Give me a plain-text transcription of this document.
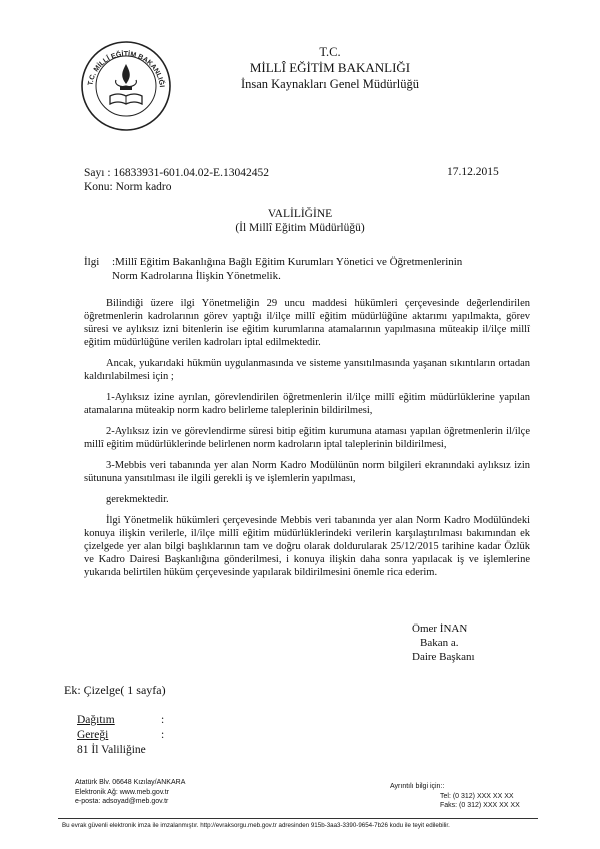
T.C. MİLLÎ EĞİTİM BAKANLIĞI
T.C.
MİLLÎ EĞİTİM BAKANLIĞI
İnsan Kaynakları Genel Müdürlüğü
Sayı : 16833931-601.04.02-E.13042452
Konu: Norm kadro
17.12.2015
VALİLİĞİNE
(İl Millî Eğitim Müdürlüğü)
İlgi :Millî Eğitim Bakanlığına Bağlı Eğitim Kurumları Yönetici ve Öğretmenlerinin
Norm Kadrolarına İlişkin Yönetmelik.

Bilindiği üzere ilgi Yönetmeliğin 29 uncu maddesi hükümleri çerçevesinde değerlendirilen öğretmenlerin kadrolarının görev yaptığı il/ilçe millî eğitim müdürlüğüne aktarımı yapılmakta, görev süresi ve aylıksız izni bitenlerin ise eğitim kurumlarına atamalarının yapılmasına müteakip il/ilçe millî eğitim müdürlüğüne verilen kadroları iptal edilmektedir.

Ancak, yukarıdaki hükmün uygulanmasında ve sisteme yansıtılmasında yaşanan sıkıntıların ortadan kaldırılabilmesi için ;

1-Aylıksız izine ayrılan, görevlendirilen öğretmenlerin il/ilçe millî eğitim müdürlüklerine yapılan atamalarına müteakip norm kadro belirleme taleplerinin bildirilmesi,

2-Aylıksız izin ve görevlendirme süresi bitip eğitim kurumuna ataması yapılan öğretmenlerin il/ilçe millî eğitim müdürlüklerinde belirlenen norm kadroların iptal taleplerinin bildirilmesi,

3-Mebbis veri tabanında yer alan Norm Kadro Modülünün norm bilgileri ekranındaki aylıksız izin sütununa yansıtılması ile ilgili gerekli iş ve işlemlerin yapılması,

gerekmektedir.

İlgi Yönetmelik hükümleri çerçevesinde Mebbis veri tabanında yer alan Norm Kadro Modülündeki konuya ilişkin verilerle, il/ilçe millî eğitim müdürlüklerindeki verilerin karşılaştırılması bakımından ek çizelgede yer alan bilgi başlıklarının tam ve doğru olarak doldurularak 25/12/2015 tarihine kadar Özlük ve Kadro Dairesi Başkanlığına gönderilmesi, i konuya ilişkin daha sonra yapılacak iş ve işlemlerine yukarıda belirtilen hüküm çerçevesinde yapılarak bildirilmesini önemle rica ederim.

Ömer İNAN
Bakan a.
Daire Başkanı
Ek: Çizelge( 1 sayfa)
Dağıtım	:
Gereği	:
81 İl Valiliğine
Atatürk Blv. 06648 Kızılay/ANKARA
Elektronik Ağ: www.meb.gov.tr
e-posta: adsoyad@meb.gov.tr
Ayrıntılı bilgi için::
Tel: (0 312) XXX XX XX
Faks: (0 312) XXX XX XX
Bu evrak güvenli elektronik imza ile imzalanmıştır. http://evraksorgu.meb.gov.tr adresinden 915b-3aa3-3390-9654-7b26 kodu ile teyit edilebilir.
